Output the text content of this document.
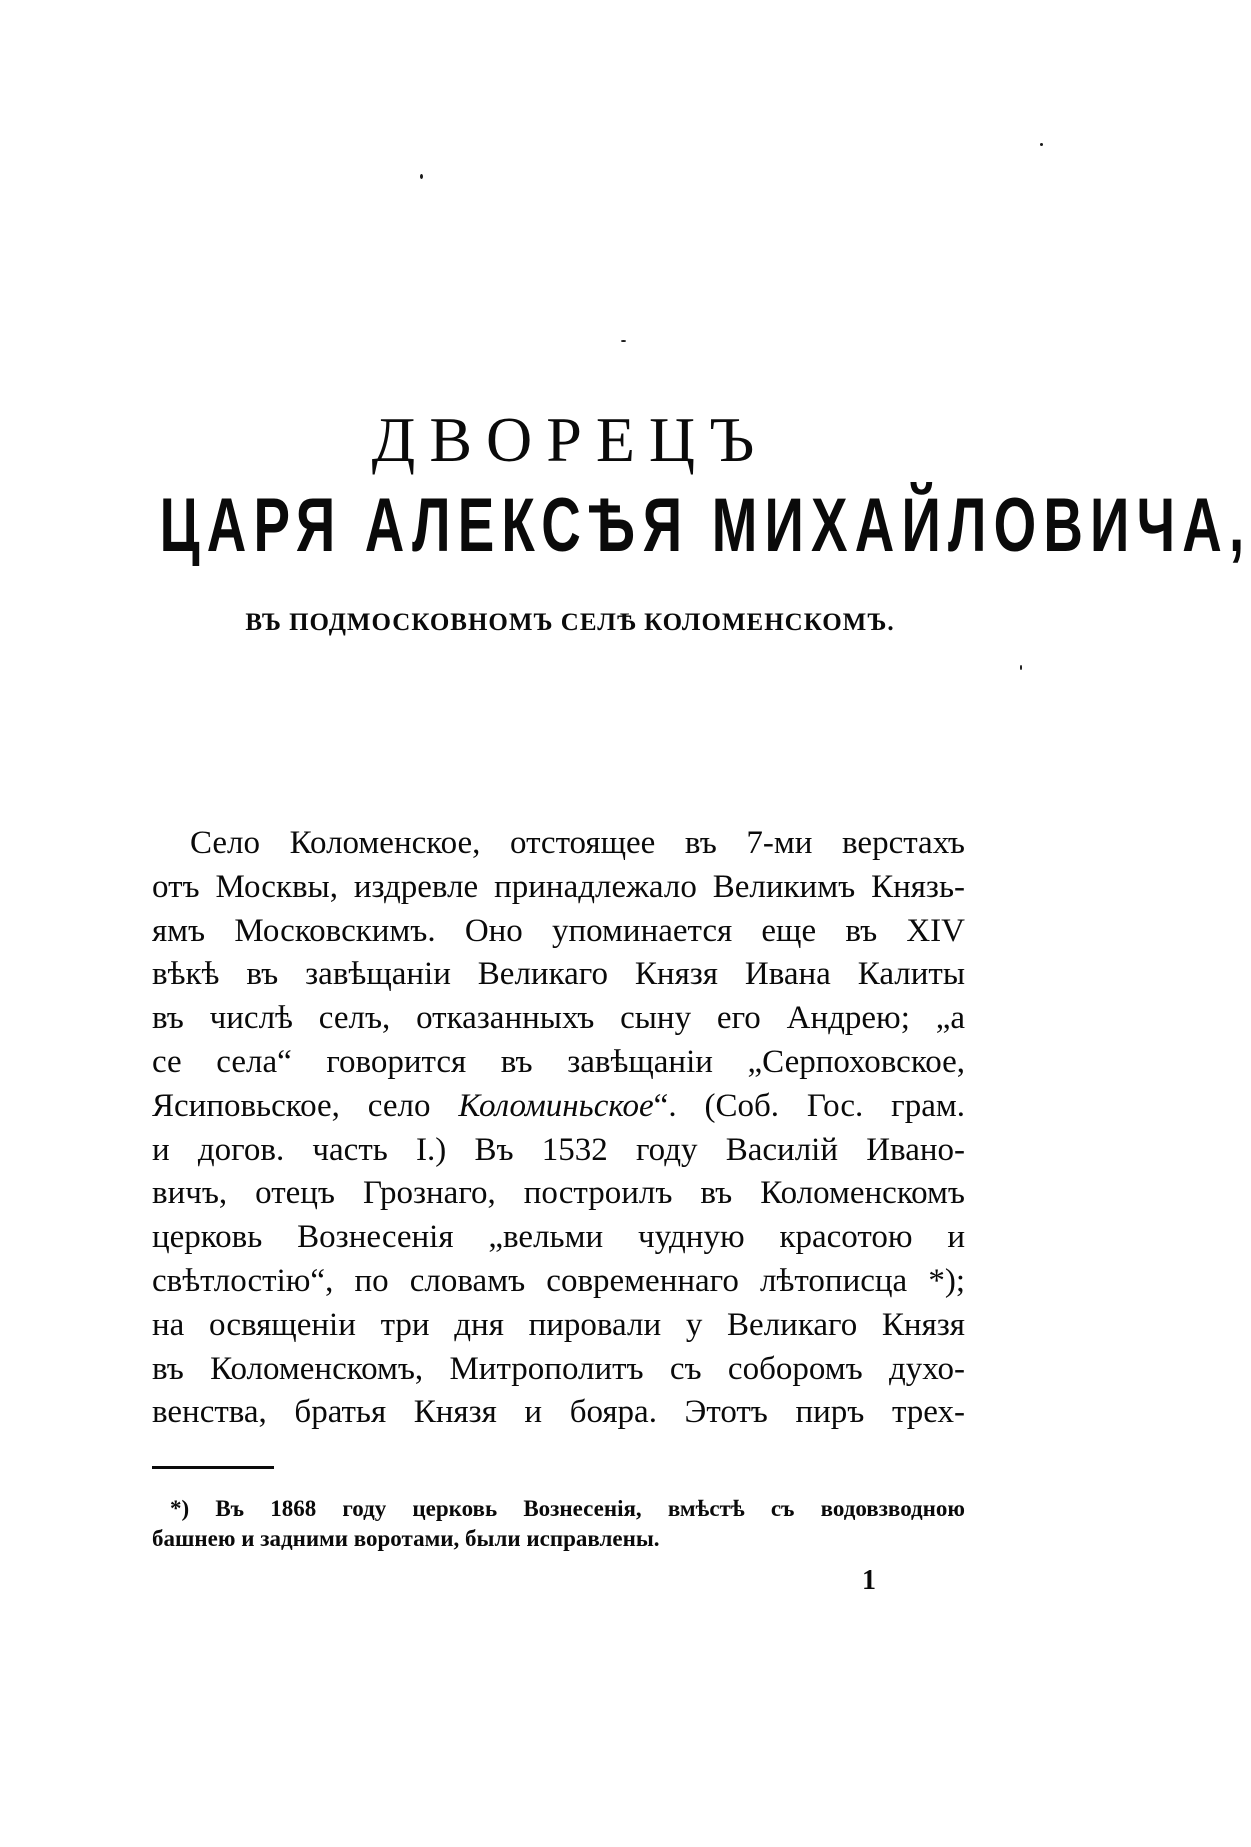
ДВОРЕЦЪ
ЦАРЯ АЛЕКСѢЯ МИХАЙЛОВИЧА,
ВЪ ПОДМОСКОВНОМЪ СЕЛѢ КОЛОМЕНСКОМЪ.
Село Коломенское, отстоящее въ 7-ми верстахъ
отъ Москвы, издревле принадлежало Великимъ Князь-
ямъ Московскимъ. Оно упоминается еще въ XIV
вѣкѣ въ завѣщанiи Великаго Князя Ивана Калиты
въ числѣ селъ, отказанныхъ сыну его Андрею; „а
се села“ говорится въ завѣщанiи „Серпоховское,
Ясиповьское, село Коломиньское“. (Соб. Гос. грам.
и догов. часть I.) Въ 1532 году Василiй Ивано-
вичъ, отецъ Грознаго, построилъ въ Коломенскомъ
церковь Вознесенiя „вельми чудную красотою и
свѣтлостiю“, по словамъ современнаго лѣтописца *);
на освященiи три дня пировали у Великаго Князя
въ Коломенскомъ, Митрополитъ съ соборомъ духо-
венства, братья Князя и бояра. Этотъ пиръ трех-
*) Въ 1868 году церковь Вознесенiя, вмѣстѣ съ водовзводною
башнею и задними воротами, были исправлены.
1
